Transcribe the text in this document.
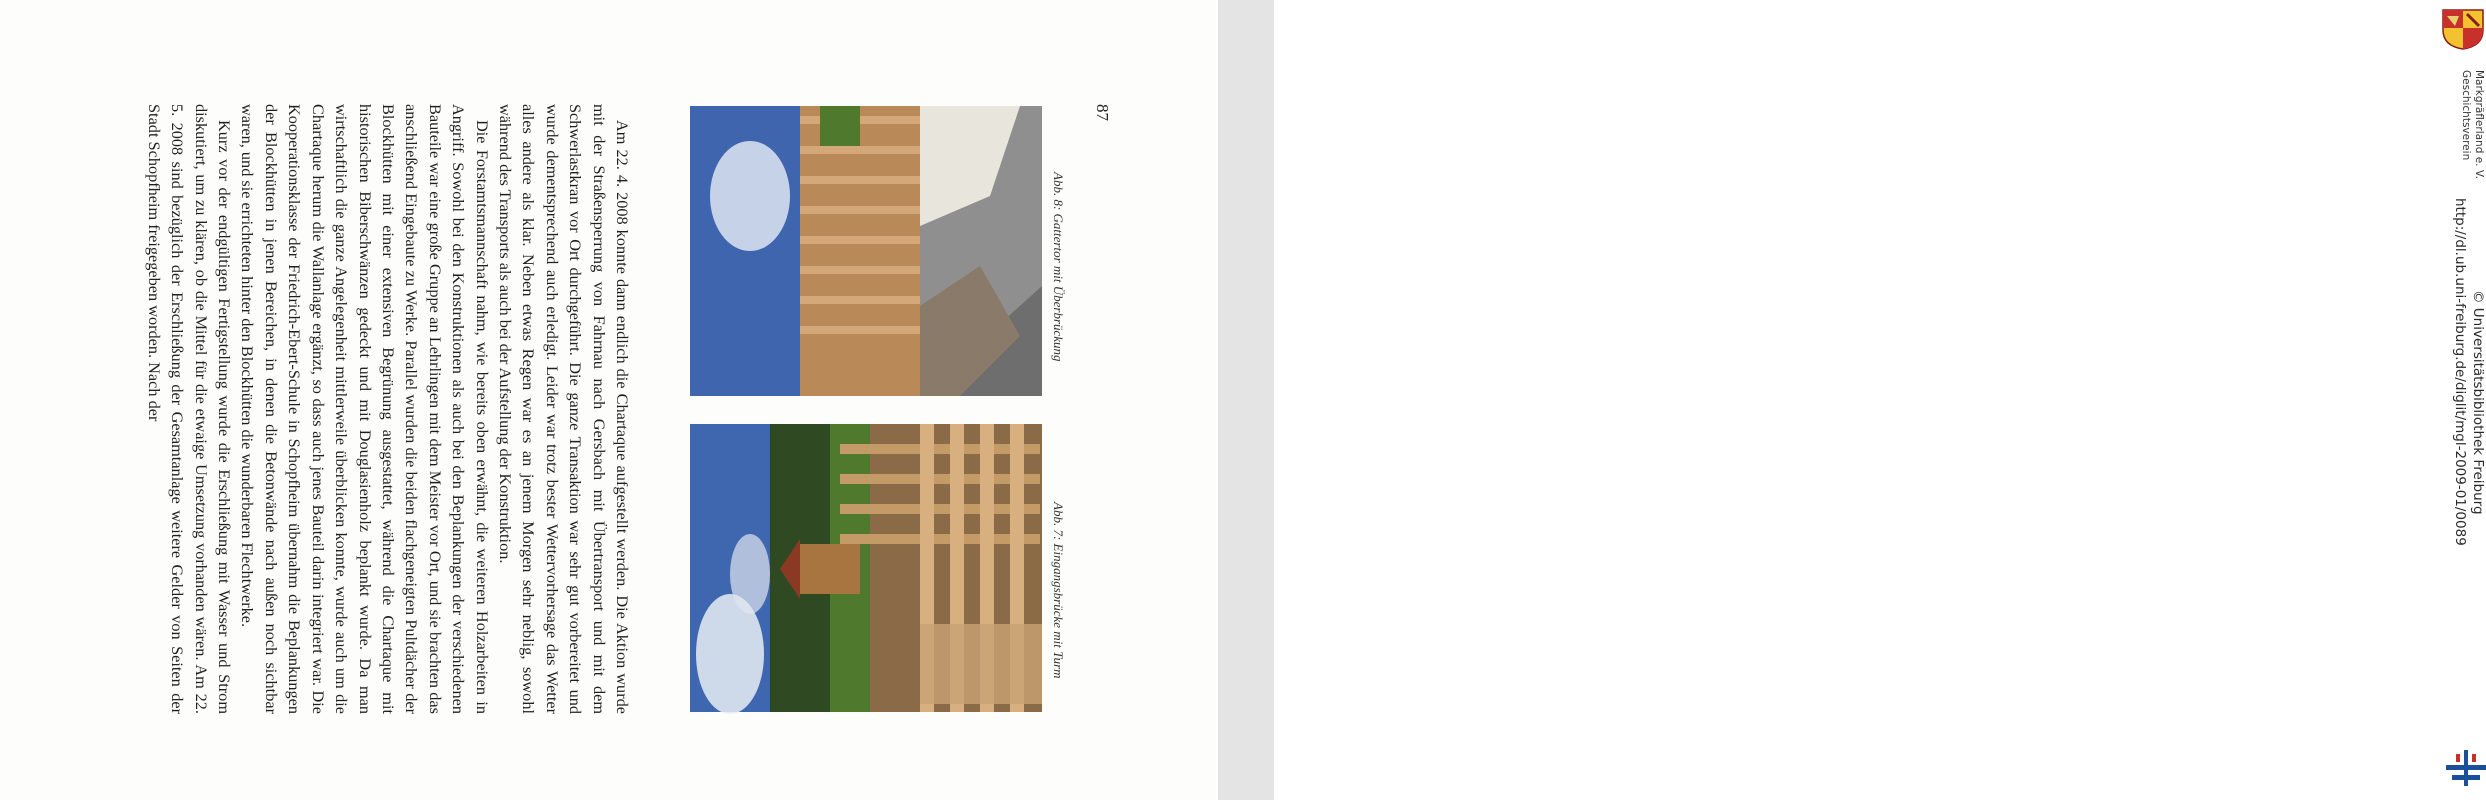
Am 22. 4. 2008 konnte dann endlich die Chartaque aufgestellt werden. Die Aktion wurde mit der Straßensperrung von Fahrnau nach Gersbach mit Übertransport und mit dem Schwerlastkran vor Ort durchgeführt. Die ganze Transaktion war sehr gut vorbereitet und wurde dementsprechend auch erledigt. Leider war trotz bester Wettervorhersage das Wetter alles andere als klar. Neben etwas Regen war es an jenem Morgen sehr neblig, sowohl während des Transports als auch bei der Aufstellung der Konstruktion.

Die Forstamtsmannschaft nahm, wie bereits oben erwähnt, die weiteren Holzarbeiten in Angriff. Sowohl bei den Konstruktionen als auch bei den Beplankungen der verschiedenen Bauteile war eine große Gruppe an Lehrlingen mit dem Meister vor Ort, und sie brachten das anschließend Eingebaute zu Werke. Parallel wurden die beiden flachgeneigten Pultdächer der Blockhütten mit einer extensiven Begrünung ausgestattet, während die Chartaque mit historischen Biberschwänzen gedeckt und mit Douglasienholz beplankt wurde. Da man wirtschaftlich die ganze Angelegenheit mittlerweile überblicken konnte, wurde auch um die Chartaque herum die Wallanlage ergänzt, so dass auch jenes Bauteil darin integriert war. Die Kooperationsklasse der Friedrich-Ebert-Schule in Schopfheim übernahm die Beplankungen der Blockhütten in jenen Bereichen, in denen die Betonwände nach außen noch sichtbar waren, und sie errichteten hinter den Blockhütten die wunderbaren Flechtwerke.

Kurz vor der endgültigen Fertigstellung wurde die Erschließung mit Wasser und Strom diskutiert, um zu klären, ob die Mittel für die etwaige Umsetzung vorhanden wären. Am 22. 5. 2008 sind bezüglich der Erschließung der Gesamtanlage weitere Gelder von Seiten der Stadt Schopfheim freigegeben worden. Nach der

Abb. 7: Eingangsbrücke mit Turm
Abb. 8: Gattertor mit Überbrückung
87	Geschichtsverein Markgräflerland e. V.
http://dl.ub.uni-freiburg.de/diglit/mgl-2009-01/0089 © Universitätsbibliothek Freiburg
